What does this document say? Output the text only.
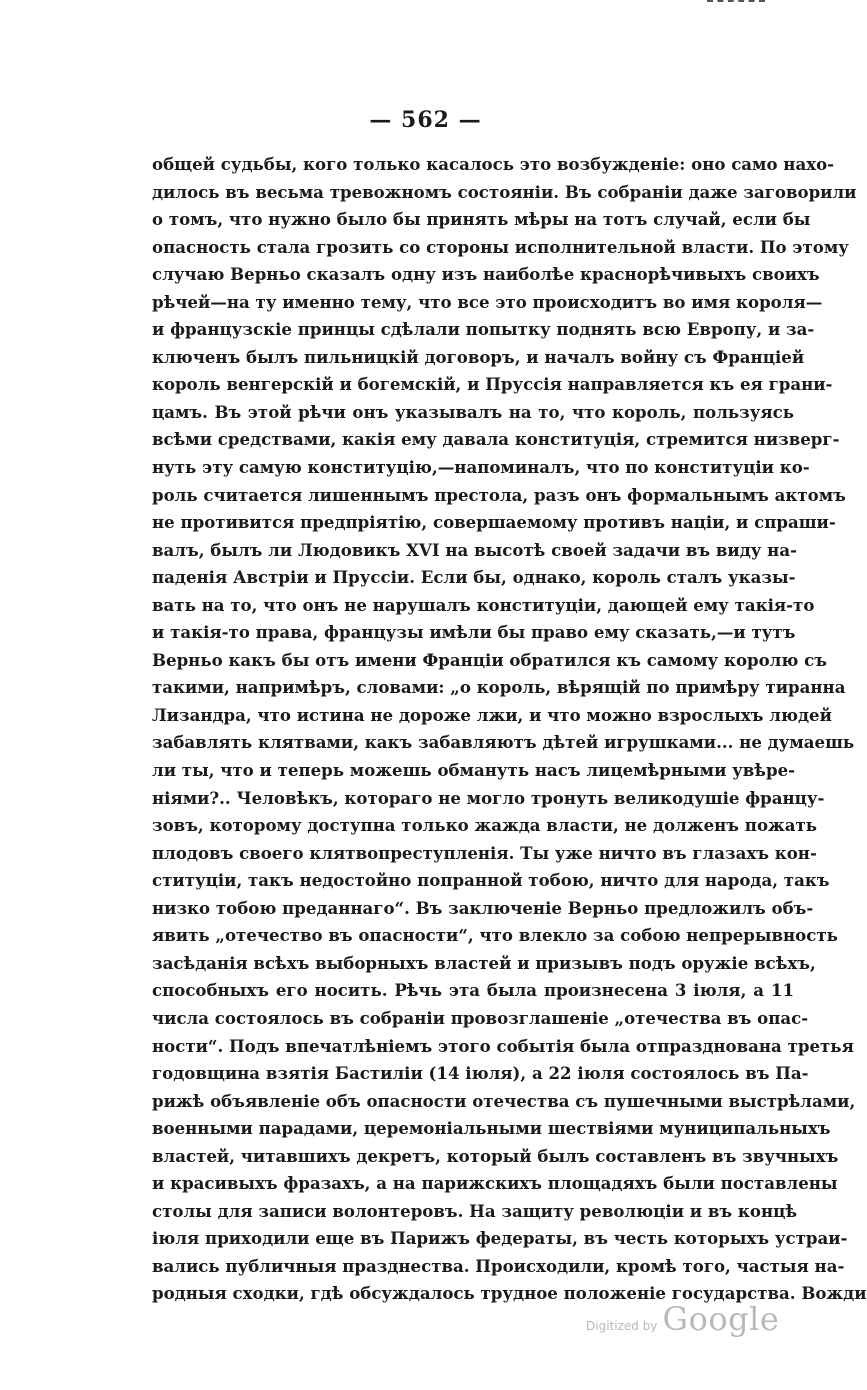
— 562 —
общей судьбы, кого только касалось это возбужденіе: оно само нахо-
дилось въ весьма тревожномъ состояніи. Въ собраніи даже заговорили
о томъ, что нужно было бы принять мѣры на тотъ случай, если бы
опасность стала грозить со стороны исполнительной власти. По этому
случаю Верньо сказалъ одну изъ наиболѣе краснорѣчивыхъ своихъ
рѣчей—на ту именно тему, что все это происходитъ во имя короля—
и французскіе принцы сдѣлали попытку поднять всю Европу, и за-
ключенъ былъ пильницкій договоръ, и началъ войну съ Франціей
король венгерскій и богемскій, и Пруссія направляется къ ея грани-
цамъ. Въ этой рѣчи онъ указывалъ на то, что король, пользуясь
всѣми средствами, какія ему давала конституція, стремится низверг-
нуть эту самую конституцію,—напоминалъ, что по конституціи ко-
роль считается лишеннымъ престола, разъ онъ формальнымъ актомъ
не противится предпріятію, совершаемому противъ націи, и спраши-
валъ, былъ ли Людовикъ XVI на высотѣ своей задачи въ виду на-
паденія Австріи и Пруссіи. Если бы, однако, король сталъ указы-
вать на то, что онъ не нарушалъ конституціи, дающей ему такія-то
и такія-то права, французы имѣли бы право ему сказать,—и тутъ
Верньо какъ бы отъ имени Франціи обратился къ самому королю съ
такими, напримѣръ, словами: „о король, вѣрящій по примѣру тиранна
Лизандра, что истина не дороже лжи, и что можно взрослыхъ людей
забавлять клятвами, какъ забавляютъ дѣтей игрушками... не думаешь
ли ты, что и теперь можешь обмануть насъ лицемѣрными увѣре-
ніями?.. Человѣкъ, котораго не могло тронуть великодушіе францу-
зовъ, которому доступна только жажда власти, не долженъ пожать
плодовъ своего клятвопреступленія. Ты уже ничто въ глазахъ кон-
ституціи, такъ недостойно попранной тобою, ничто для народа, такъ
низко тобою преданнаго“. Въ заключеніе Верньо предложилъ объ-
явить „отечество въ опасности“, что влекло за собою непрерывность
засѣданія всѣхъ выборныхъ властей и призывъ подъ оружіе всѣхъ,
способныхъ его носить. Рѣчь эта была произнесена 3 іюля, а 11
числа состоялось въ собраніи провозглашеніе „отечества въ опас-
ности“. Подъ впечатлѣніемъ этого событія была отпразднована третья
годовщина взятія Бастиліи (14 іюля), а 22 іюля состоялось въ Па-
рижѣ объявленіе объ опасности отечества съ пушечными выстрѣлами,
военными парадами, церемоніальными шествіями муниципальныхъ
властей, читавшихъ декретъ, который былъ составленъ въ звучныхъ
и красивыхъ фразахъ, а на парижскихъ площадяхъ были поставлены
столы для записи волонтеровъ. На защиту революціи и въ концѣ
іюля приходили еще въ Парижъ федераты, въ честь которыхъ устраи-
вались публичныя празднества. Происходили, кромѣ того, частыя на-
родныя сходки, гдѣ обсуждалось трудное положеніе государства. Вожди
Digitized by Google
